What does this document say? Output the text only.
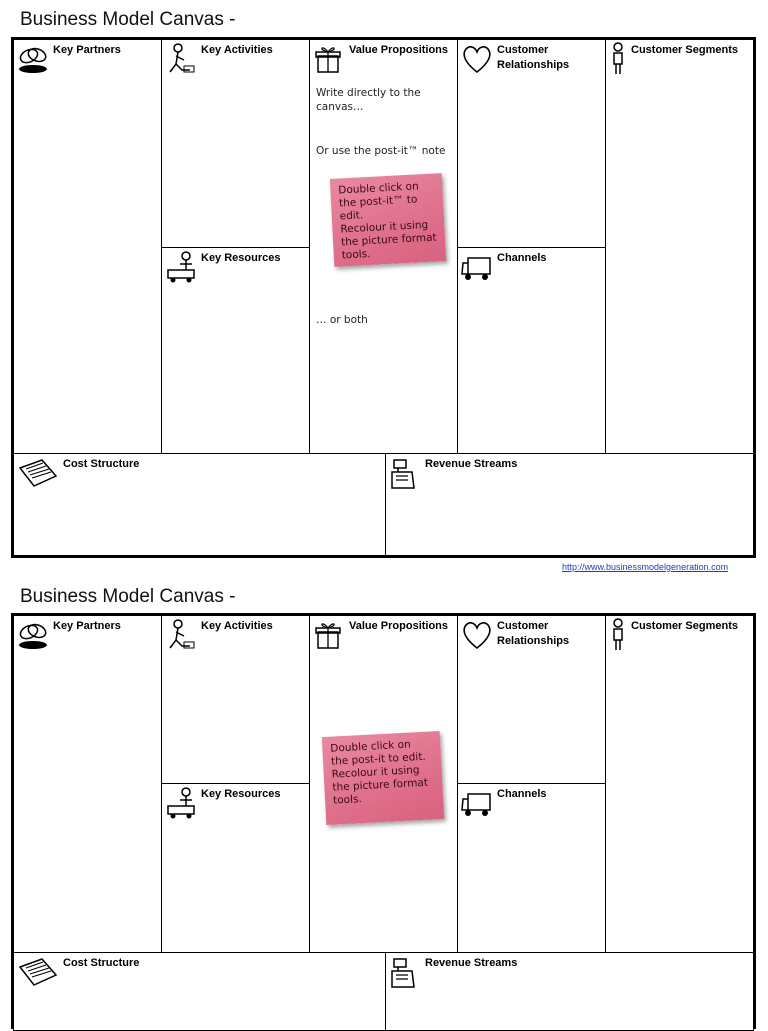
Business Model Canvas -
Key Partners	Key Activities
Key Resources
Value Propositions
Write directly to the canvas…
Or use the post-it™ note
Double click on
the post-it™ to edit.
Recolour it using
the picture format
tools.
… or both
Customer
Relationships
Channels
Customer Segments
Cost Structure	Revenue Streams
http://www.businessmodelgeneration.com
Business Model Canvas -
Key Partners	Key Activities
Key Resources
Value Propositions
Double click on
the post-it to edit.
Recolour it using
the picture format
tools.
Customer
Relationships
Channels
Customer Segments
Cost Structure	Revenue Streams
